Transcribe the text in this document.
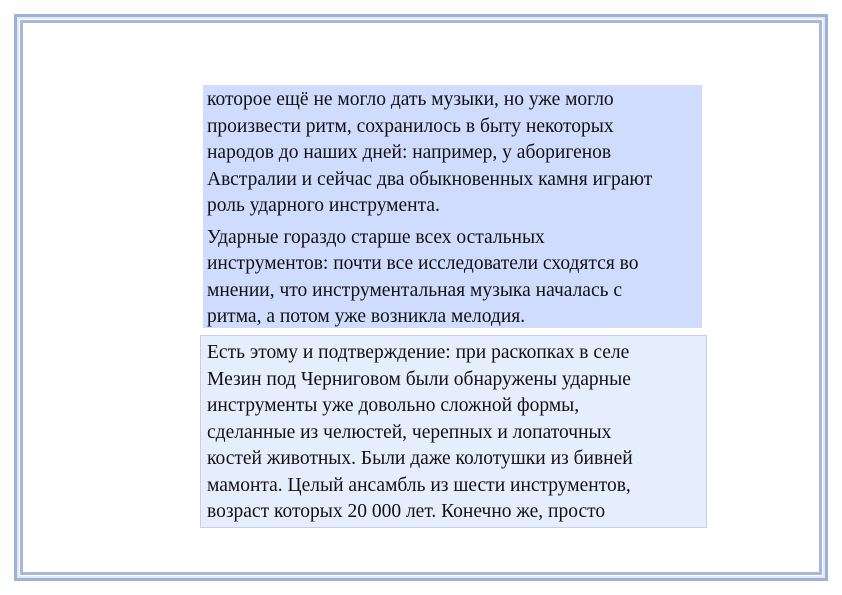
которое ещё не могло дать музыки, но уже могло
произвести ритм, сохранилось в быту некоторых
народов до наших дней: например, у аборигенов
Австралии и сейчас два обыкновенных камня играют
роль ударного инструмента.

Ударные гораздо старше всех остальных
инструментов: почти все исследователи сходятся во
мнении, что инструментальная музыка началась с
ритма, а потом уже возникла мелодия.

Есть этому и подтверждение: при раскопках в селе
Мезин под Черниговом были обнаружены ударные
инструменты уже довольно сложной формы,
сделанные из челюстей, черепных и лопаточных
костей животных. Были даже колотушки из бивней
мамонта. Целый ансамбль из шести инструментов,
возраст которых 20 000 лет. Конечно же, просто
